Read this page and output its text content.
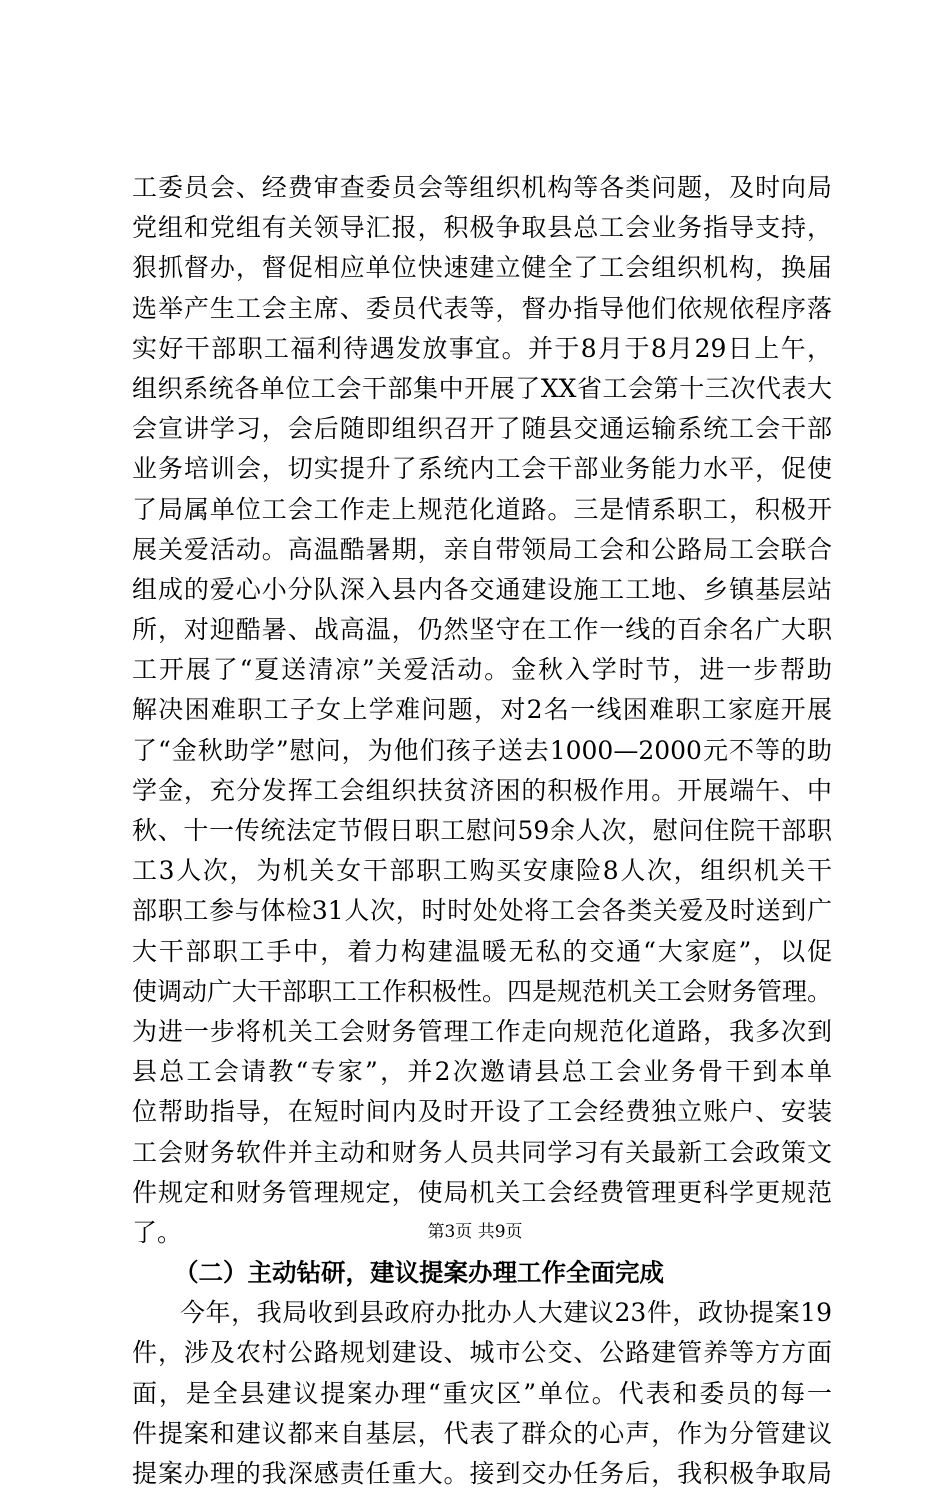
工委员会、经费审查委员会等组织机构等各类问题，及时向局
党组和党组有关领导汇报，积极争取县总工会业务指导支持，
狠抓督办，督促相应单位快速建立健全了工会组织机构，换届
选举产生工会主席、委员代表等，督办指导他们依规依程序落
实好干部职工福利待遇发放事宜。并于8月于8月29日上午，
组织系统各单位工会干部集中开展了XX省工会第十三次代表大
会宣讲学习，会后随即组织召开了随县交通运输系统工会干部
业务培训会，切实提升了系统内工会干部业务能力水平，促使
了局属单位工会工作走上规范化道路。三是情系职工，积极开
展关爱活动。高温酷暑期，亲自带领局工会和公路局工会联合
组成的爱心小分队深入县内各交通建设施工工地、乡镇基层站
所，对迎酷暑、战高温，仍然坚守在工作一线的百余名广大职
工开展了“夏送清凉”关爱活动。金秋入学时节，进一步帮助
解决困难职工子女上学难问题，对2名一线困难职工家庭开展
了“金秋助学”慰问，为他们孩子送去1000—2000元不等的助
学金，充分发挥工会组织扶贫济困的积极作用。开展端午、中
秋、十一传统法定节假日职工慰问59余人次，慰问住院干部职
工3人次，为机关女干部职工购买安康险8人次，组织机关干
部职工参与体检31人次，时时处处将工会各类关爱及时送到广
大干部职工手中，着力构建温暖无私的交通“大家庭”，以促
使调动广大干部职工工作积极性。四是规范机关工会财务管理。
为进一步将机关工会财务管理工作走向规范化道路，我多次到
县总工会请教“专家”，并2次邀请县总工会业务骨干到本单
位帮助指导，在短时间内及时开设了工会经费独立账户、安装
工会财务软件并主动和财务人员共同学习有关最新工会政策文
件规定和财务管理规定，使局机关工会经费管理更科学更规范
了。
（二）主动钻研，建议提案办理工作全面完成
今年，我局收到县政府办批办人大建议23件，政协提案19
件，涉及农村公路规划建设、城市公交、公路建管养等方方面
面，是全县建议提案办理“重灾区”单位。代表和委员的每一
件提案和建议都来自基层，代表了群众的心声，作为分管建议
提案办理的我深感责任重大。接到交办任务后，我积极争取局
第3页 共9页
